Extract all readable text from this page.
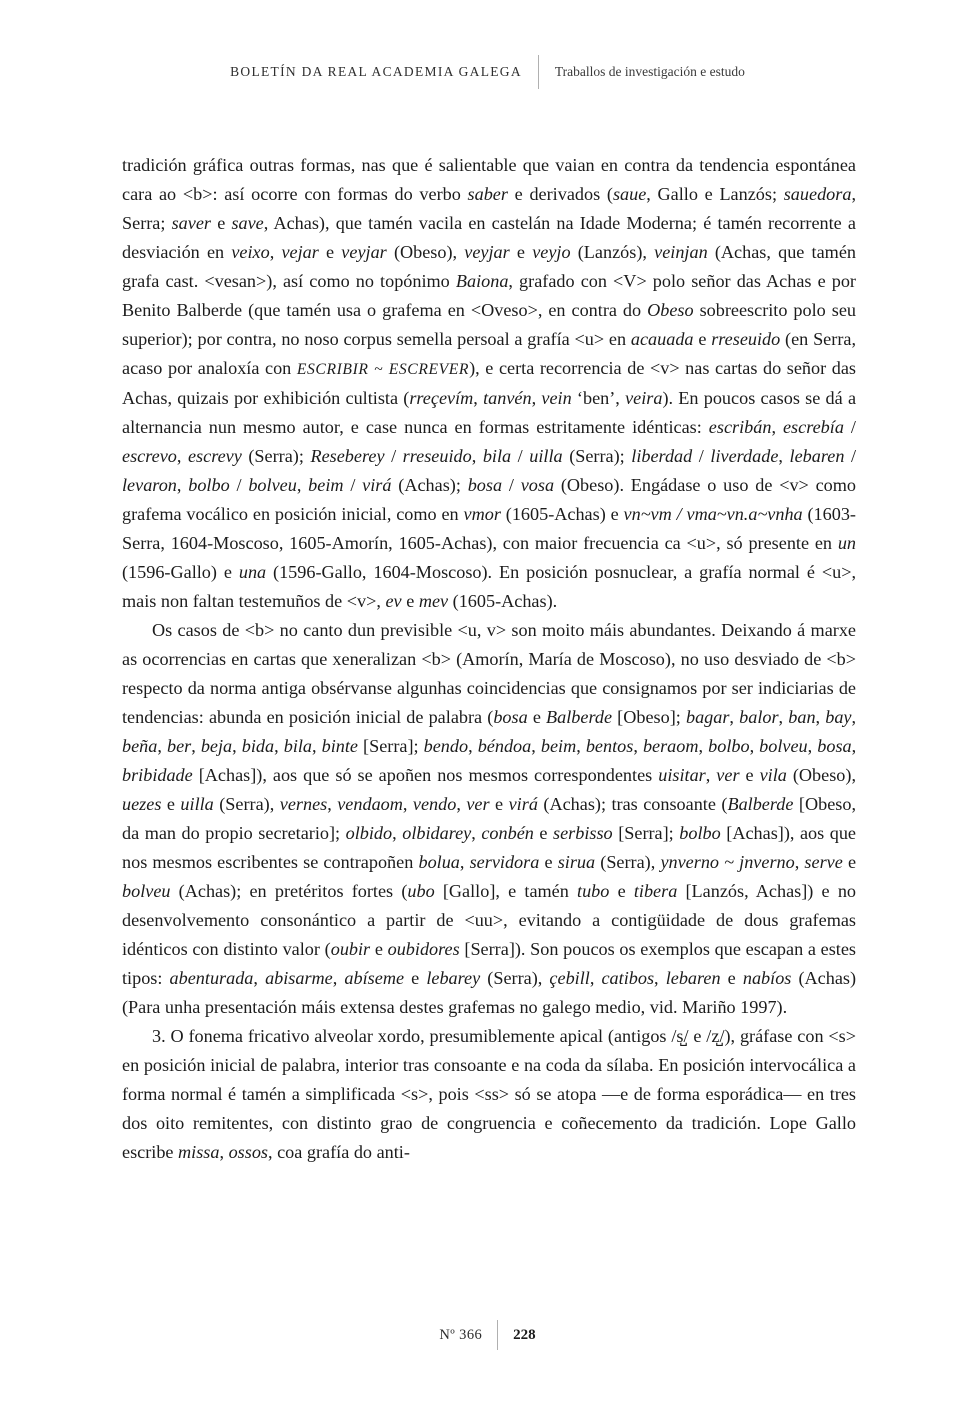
BOLETÍN DA REAL ACADEMIA GALEGA Traballos de investigación e estudo

tradición gráfica outras formas, nas que é salientable que vaian en contra da tendencia espontánea cara ao <b>: así ocorre con formas do verbo saber e derivados (saue, Gallo e Lanzós; sauedora, Serra; saver e save, Achas), que tamén vacila en castelán na Idade Moderna; é tamén recorrente a desviación en veixo, vejar e veyjar (Obeso), veyjar e veyjo (Lanzós), veinjan (Achas, que tamén grafa cast. <vesan>), así como no topónimo Baiona, grafado con <V> polo señor das Achas e por Benito Balberde (que tamén usa o grafema en <Oveso>, en contra do Obeso sobreescrito polo seu superior); por contra, no noso corpus semella persoal a grafía <u> en acauada e rreseuido (en Serra, acaso por analoxía con ESCRIBIR ~ ESCREVER), e certa recorrencia de <v> nas cartas do señor das Achas, quizais por exhibición cultista (rreçevím, tanvén, vein ‘ben’, veira). En poucos casos se dá a alternancia nun mesmo autor, e case nunca en formas estritamente idénticas: escribán, escrebía / escrevo, escrevy (Serra); Reseberey / rreseuido, bila / uilla (Serra); liberdad / liverdade, lebaren / levaron, bolbo / bolveu, beim / virá (Achas); bosa / vosa (Obeso). Engádase o uso de <v> como grafema vocálico en posición inicial, como en vmor (1605-Achas) e vn~vm / vma~vn.a~vnha (1603-Serra, 1604-Moscoso, 1605-Amorín, 1605-Achas), con maior frecuencia ca <u>, só presente en un (1596-Gallo) e una (1596-Gallo, 1604-Moscoso). En posición posnuclear, a grafía normal é <u>, mais non faltan testemuños de <v>, ev e mev (1605-Achas).

Os casos de <b> no canto dun previsible <u, v> son moito máis abundantes. Deixando á marxe as ocorrencias en cartas que xeneralizan <b> (Amorín, María de Moscoso), no uso desviado de <b> respecto da norma antiga obsérvanse algunhas coincidencias que consignamos por ser indiciarias de tendencias: abunda en posición inicial de palabra (bosa e Balberde [Obeso]; bagar, balor, ban, bay, beña, ber, beja, bida, bila, binte [Serra]; bendo, béndoa, beim, bentos, beraom, bolbo, bolveu, bosa, bribidade [Achas]), aos que só se apoñen nos mesmos correspondentes uisitar, ver e vila (Obeso), uezes e uilla (Serra), vernes, vendaom, vendo, ver e virá (Achas); tras consoante (Balberde [Obeso, da man do propio secretario]; olbido, olbidarey, conbén e serbisso [Serra]; bolbo [Achas]), aos que nos mesmos escribentes se contrapoñen bolua, servidora e sirua (Serra), ynverno ~ jnverno, serve e bolveu (Achas); en pretéritos fortes (ubo [Gallo], e tamén tubo e tibera [Lanzós, Achas]) e no desenvolvemento consonántico a partir de <uu>, evitando a contigüidade de dous grafemas idénticos con distinto valor (oubir e oubidores [Serra]). Son poucos os exemplos que escapan a estes tipos: abenturada, abisarme, abíseme e lebarey (Serra), çebill, catibos, lebaren e nabíos (Achas) (Para unha presentación máis extensa destes grafemas no galego medio, vid. Mariño 1997).

3. O fonema fricativo alveolar xordo, presumiblemente apical (antigos /s̺/ e /z̺/), gráfase con <s> en posición inicial de palabra, interior tras consoante e na coda da sílaba. En posición intervocálica a forma normal é tamén a simplificada <s>, pois <ss> só se atopa —e de forma esporádica— en tres dos oito remitentes, con distinto grao de congruencia e coñecemento da tradición. Lope Gallo escribe missa, ossos, coa grafía do anti-

Nº 366 228
